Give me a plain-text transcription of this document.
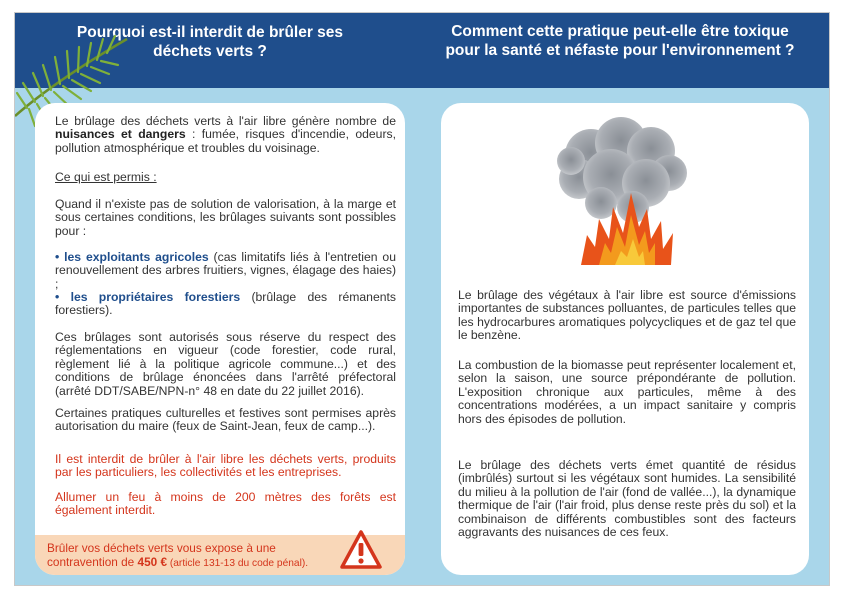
Pourquoi est-il interdit de brûler ses déchets verts ?
Comment cette pratique peut-elle être toxique pour la santé et néfaste pour l'environnement ?

Le brûlage des déchets verts à l'air libre génère nombre de nuisances et dangers : fumée, risques d'incendie, odeurs, pollution atmosphérique et troubles du voisinage.

Ce qui est permis :

Quand il n'existe pas de solution de valorisation, à la marge et sous certaines conditions, les brûlages suivants sont possibles pour :

• les exploitants agricoles (cas limitatifs liés à l'entretien ou renouvellement des arbres fruitiers, vignes, élagage des haies) ;

• les propriétaires forestiers (brûlage des rémanents forestiers).

Ces brûlages sont autorisés sous réserve du respect des réglementations en vigueur (code forestier, code rural, règlement lié à la politique agricole commune...) et des conditions de brûlage énoncées dans l'arrêté préfectoral (arrêté DDT/SABE/NPN-n° 48 en date du 22 juillet 2016).

Certaines pratiques culturelles et festives sont permises après autorisation du maire (feux de Saint-Jean, feux de camp...).

Il est interdit de brûler à l'air libre les déchets verts, produits par les particuliers, les collectivités et les entreprises.

Allumer un feu à moins de 200 mètres des forêts est également interdit.

Brûler vos déchets verts vous expose à une contravention de 450 € (article 131-13 du code pénal).

Le brûlage des végétaux à l'air libre est source d'émissions importantes de substances polluantes, de particules telles que les hydrocarbures aromatiques polycycliques et de gaz tel que le benzène.

La combustion de la biomasse peut représenter localement et, selon la saison, une source prépondérante de pollution. L'exposition chronique aux particules, même à des concentrations modérées, a un impact sanitaire y compris hors des épisodes de pollution.

Le brûlage des déchets verts émet quantité de résidus (imbrûlés) surtout si les végétaux sont humides. La sensibilité du milieu à la pollution de l'air (fond de vallée...), la dynamique thermique de l'air (l'air froid, plus dense reste près du sol) et la combinaison de différents combustibles sont des facteurs aggravants des nuisances de ces feux.
